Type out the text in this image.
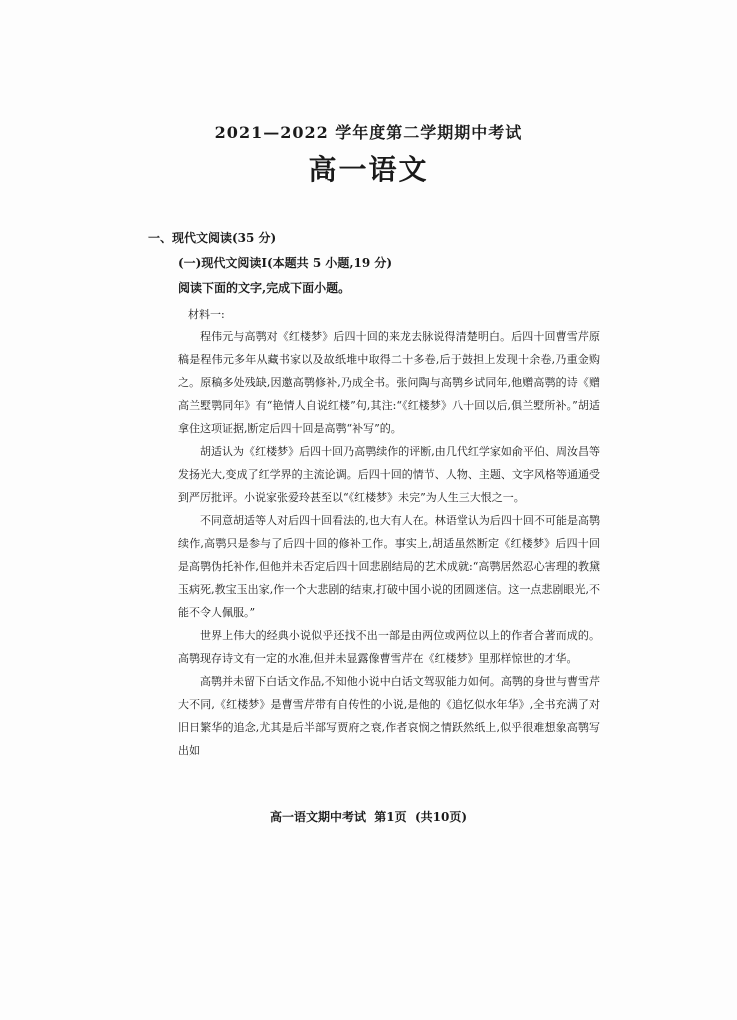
2021—2022 学年度第二学期期中考试
高一语文
一、现代文阅读(35 分)
(一)现代文阅读Ⅰ(本题共 5 小题,19 分)
阅读下面的文字,完成下面小题。
材料一:

程伟元与高鹗对《红楼梦》后四十回的来龙去脉说得清楚明白。后四十回曹雪芹原稿是程伟元多年从藏书家以及故纸堆中取得二十多卷,后于鼓担上发现十余卷,乃重金购之。原稿多处残缺,因邀高鹗修补,乃成全书。张问陶与高鹗乡试同年,他赠高鹗的诗《赠高兰墅鹗同年》有“艳情人自说红楼”句,其注:“《红楼梦》八十回以后,俱兰墅所补。”胡适拿住这项证据,断定后四十回是高鹗“补写”的。

胡适认为《红楼梦》后四十回乃高鹗续作的评断,由几代红学家如俞平伯、周汝昌等发扬光大,变成了红学界的主流论调。后四十回的情节、人物、主题、文字风格等通通受到严厉批评。小说家张爱玲甚至以“《红楼梦》未完”为人生三大恨之一。

不同意胡适等人对后四十回看法的,也大有人在。林语堂认为后四十回不可能是高鹗续作,高鹗只是参与了后四十回的修补工作。事实上,胡适虽然断定《红楼梦》后四十回是高鹗伪托补作,但他并未否定后四十回悲剧结局的艺术成就:“高鹗居然忍心害理的教黛玉病死,教宝玉出家,作一个大悲剧的结束,打破中国小说的团圆迷信。这一点悲剧眼光,不能不令人佩服。”

世界上伟大的经典小说似乎还找不出一部是由两位或两位以上的作者合著而成的。高鹗现存诗文有一定的水准,但并未显露像曹雪芹在《红楼梦》里那样惊世的才华。

高鹗并未留下白话文作品,不知他小说中白话文驾驭能力如何。高鹗的身世与曹雪芹大不同,《红楼梦》是曹雪芹带有自传性的小说,是他的《追忆似水年华》,全书充满了对旧日繁华的追念,尤其是后半部写贾府之衰,作者哀悯之情跃然纸上,似乎很难想象高鹗写出如

高一语文期中考试  第1页  (共10页)
